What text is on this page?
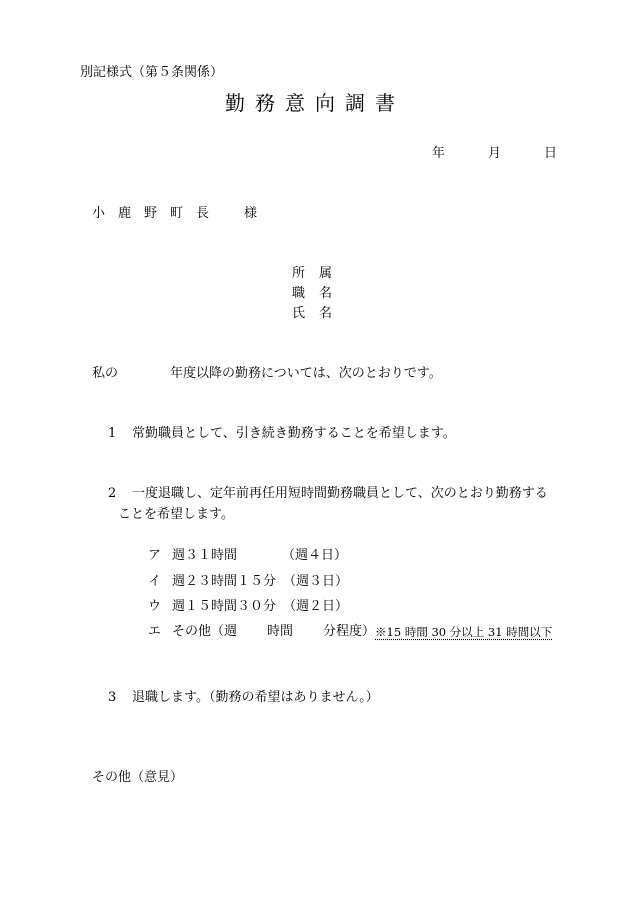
別記様式（第５条関係）
勤務意向調書
年	月	日
小 鹿 野 町 長	様
所属
職名
氏名
私の	年度以降の勤務については、次のとおりです。
1 常勤職員として、引き続き勤務することを希望します。
2 一度退職し、定年前再任用短時間勤務職員として、次のとおり勤務する
ことを希望します。
ア 週３１時間	（週４日）
イ 週２３時間１５分 （週３日）
ウ 週１５時間３０分 （週２日）
エ その他（週 時間 分程度） ※15 時間 30 分以上 31 時間以下
3 退職します。（勤務の希望はありません。）
その他（意見）
